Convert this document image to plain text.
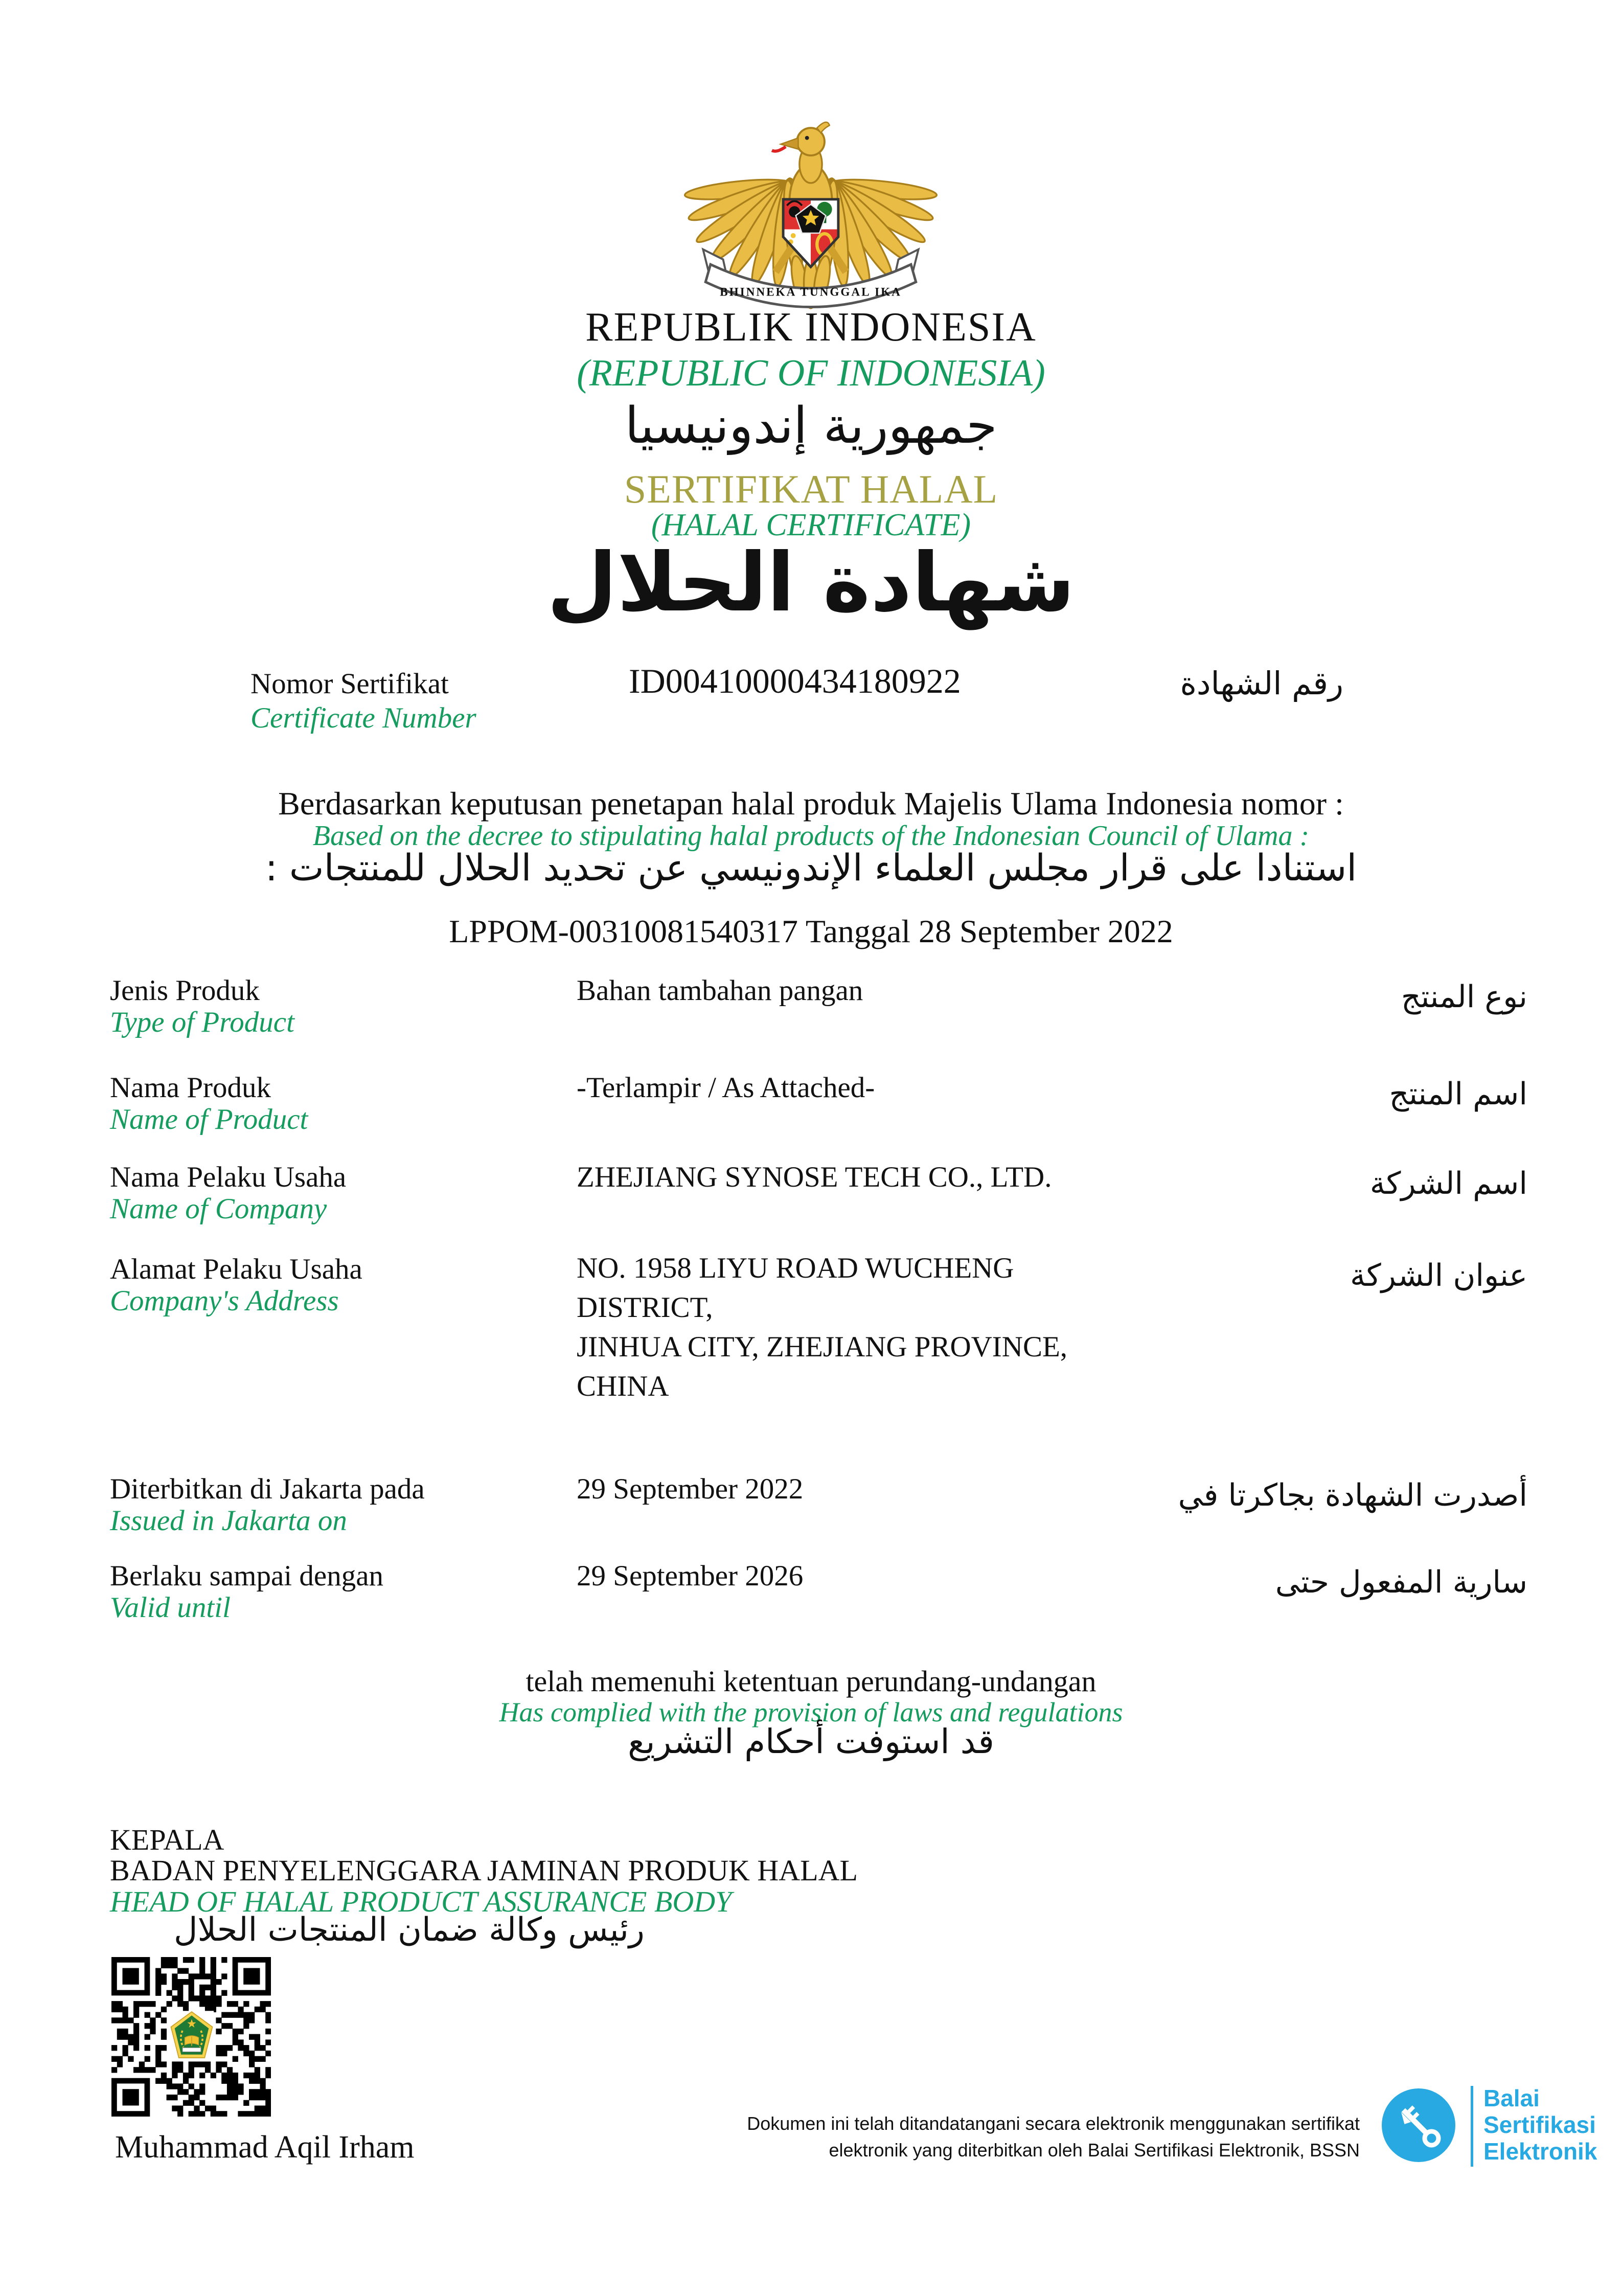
BHINNEKA TUNGGAL IKA
REPUBLIK INDONESIA
(REPUBLIC OF INDONESIA)
جمهورية إندونيسيا
SERTIFIKAT HALAL
(HALAL CERTIFICATE)
شهادة الحلال
Nomor Sertifikat
Certificate Number
ID00410000434180922	رقم الشهادة
Berdasarkan keputusan penetapan halal produk Majelis Ulama Indonesia nomor :
Based on the decree to stipulating halal products of the Indonesian Council of Ulama :
استنادا على قرار مجلس العلماء الإندونيسي عن تحديد الحلال للمنتجات :
LPPOM-00310081540317 Tanggal 28 September 2022
Jenis Produk
Type of Product
Bahan tambahan pangan	نوع المنتج
Nama Produk
Name of Product
-Terlampir / As Attached-	اسم المنتج
Nama Pelaku Usaha
Name of Company
ZHEJIANG SYNOSE TECH CO., LTD.	اسم الشركة
Alamat Pelaku Usaha
Company's Address
NO. 1958 LIYU ROAD WUCHENG DISTRICT,
JINHUA CITY, ZHEJIANG PROVINCE,
CHINA
عنوان الشركة
Diterbitkan di Jakarta pada
Issued in Jakarta on
29 September 2022	أصدرت الشهادة بجاكرتا في
Berlaku sampai dengan
Valid until
29 September 2026	سارية المفعول حتى
telah memenuhi ketentuan perundang-undangan
Has complied with the provision of laws and regulations
قد استوفت أحكام التشريع
KEPALA
BADAN PENYELENGGARA JAMINAN PRODUK HALAL
HEAD OF HALAL PRODUCT ASSURANCE BODY
رئيس وكالة ضمان المنتجات الحلال
Muhammad Aqil Irham
Dokumen ini telah ditandatangani secara elektronik menggunakan sertifikat
elektronik yang diterbitkan oleh Balai Sertifikasi Elektronik, BSSN
Balai
Sertifikasi
Elektronik
